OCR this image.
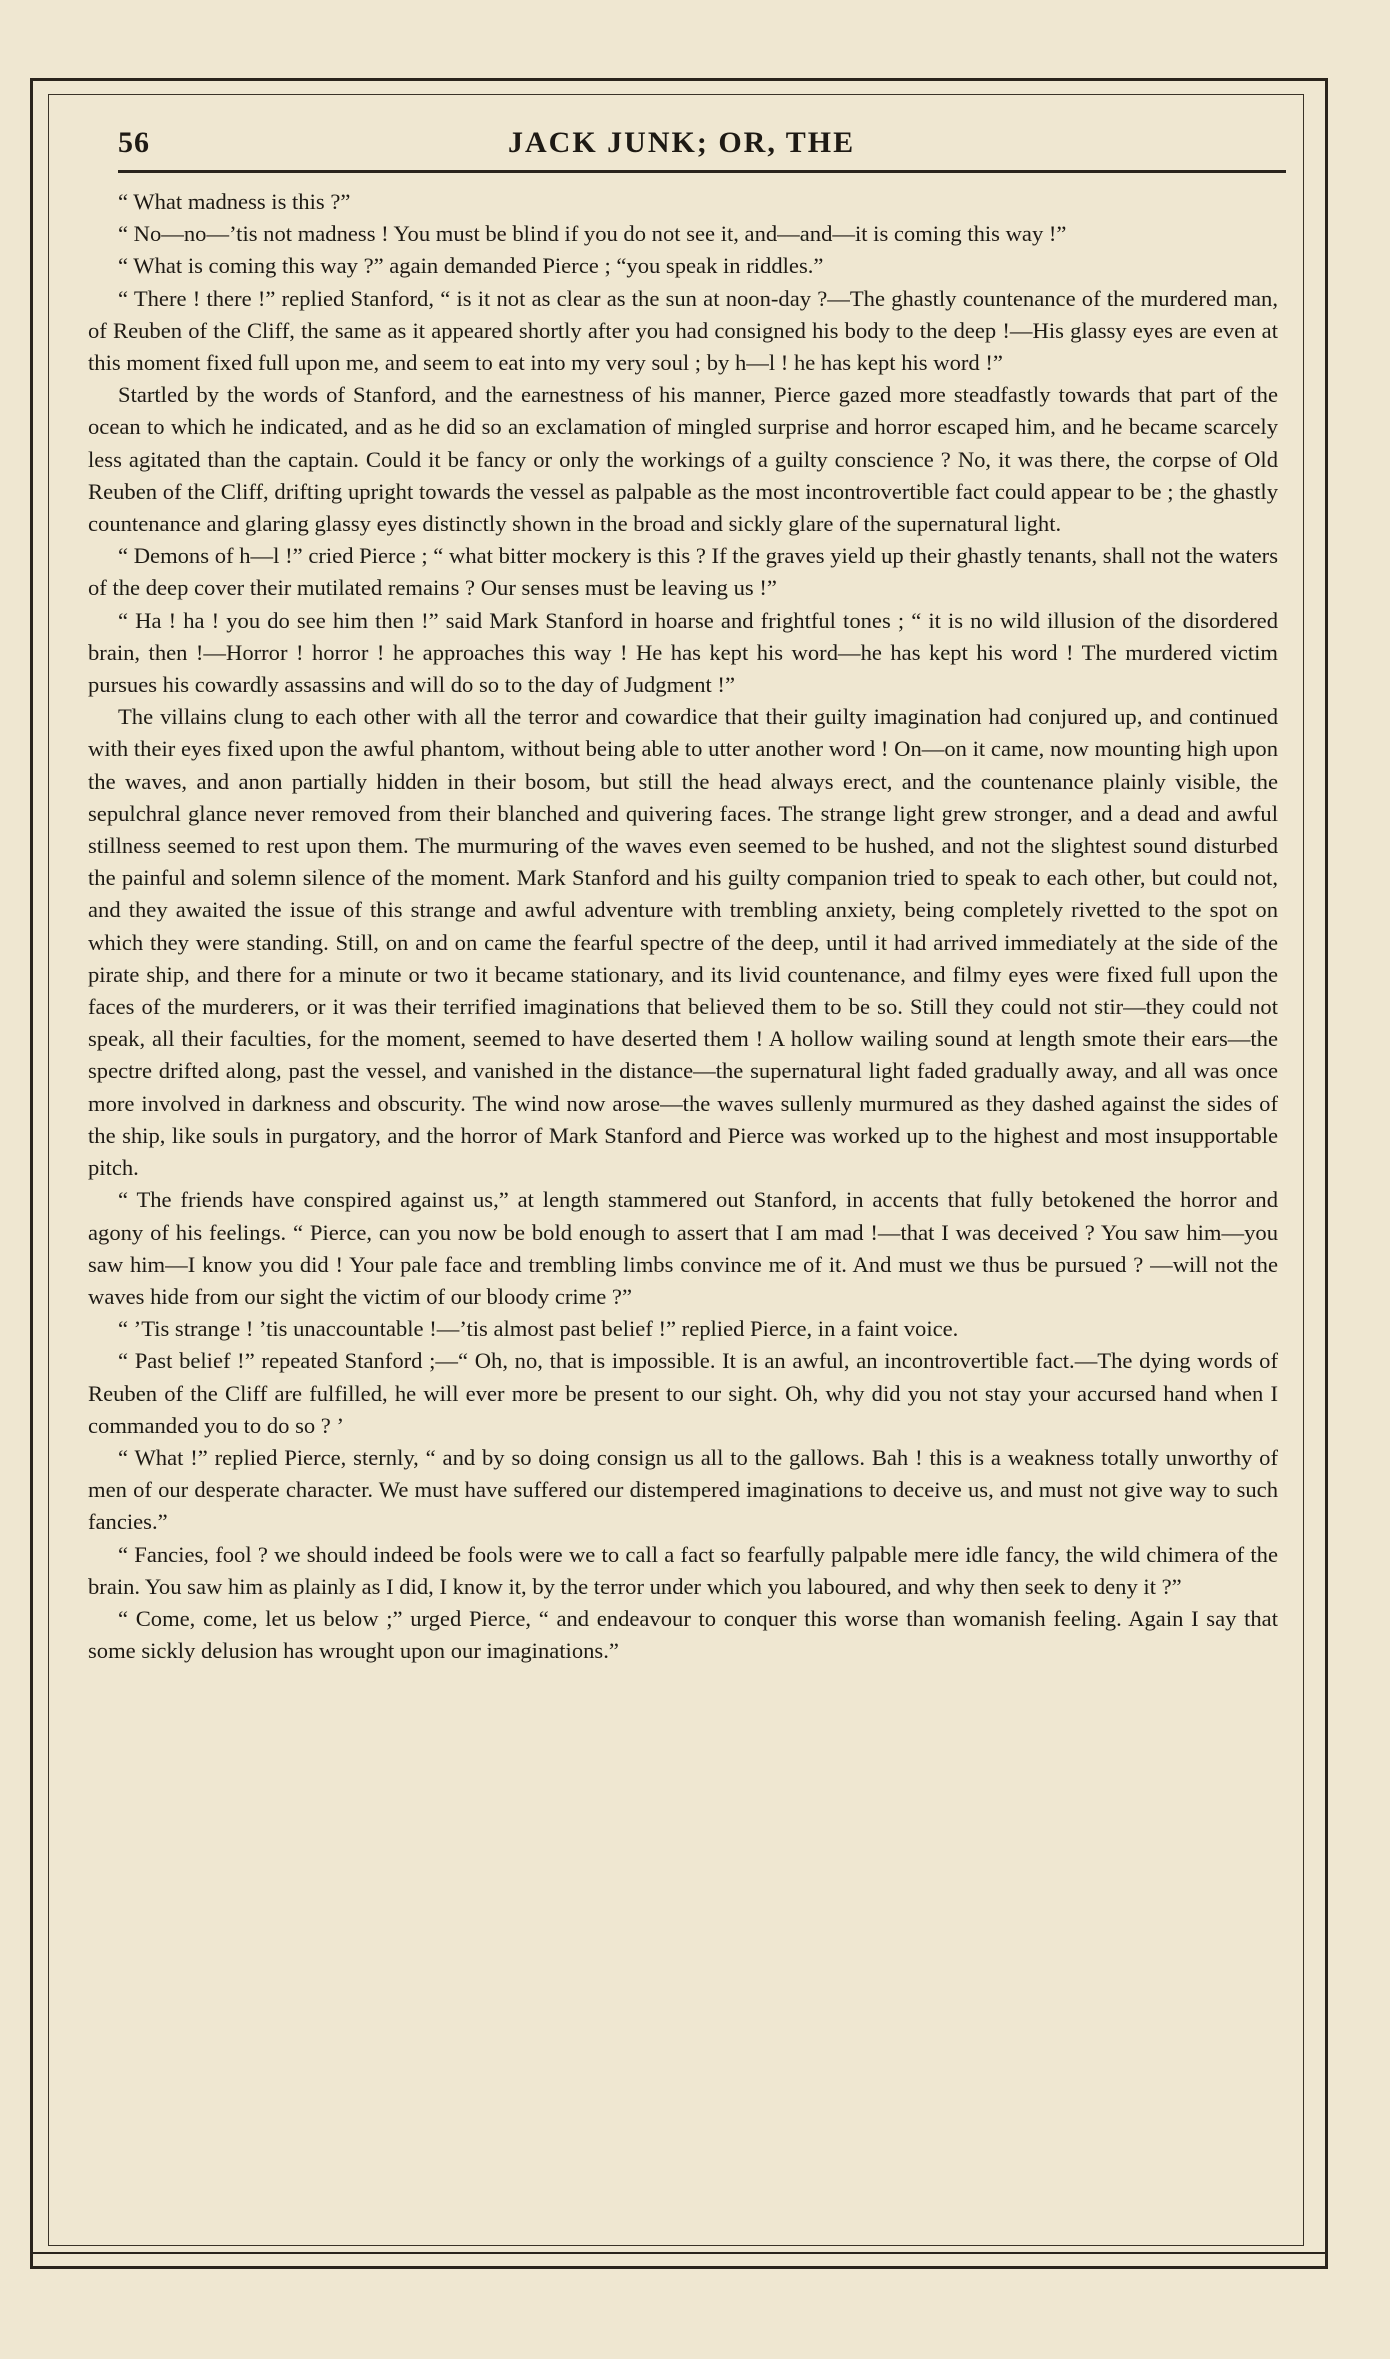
56	JACK JUNK; OR, THE

“ What madness is this ?”

“ No—no—’tis not madness ! You must be blind if you do not see it, and—and—it is coming this way !”

“ What is coming this way ?” again demanded Pierce ; “you speak in riddles.”

“ There ! there !” replied Stanford, “ is it not as clear as the sun at noon-day ?—The ghastly countenance of the murdered man, of Reuben of the Cliff, the same as it appeared shortly after you had consigned his body to the deep !—His glassy eyes are even at this moment fixed full upon me, and seem to eat into my very soul ; by h—l ! he has kept his word !”

Startled by the words of Stanford, and the earnestness of his manner, Pierce gazed more steadfastly towards that part of the ocean to which he indicated, and as he did so an exclamation of mingled surprise and horror escaped him, and he became scarcely less agitated than the captain. Could it be fancy or only the workings of a guilty conscience ? No, it was there, the corpse of Old Reuben of the Cliff, drifting upright towards the vessel as palpable as the most incontrovertible fact could appear to be ; the ghastly countenance and glaring glassy eyes distinctly shown in the broad and sickly glare of the supernatural light.

“ Demons of h—l !” cried Pierce ; “ what bitter mockery is this ? If the graves yield up their ghastly tenants, shall not the waters of the deep cover their mutilated remains ? Our senses must be leaving us !”

“ Ha ! ha ! you do see him then !” said Mark Stanford in hoarse and frightful tones ; “ it is no wild illusion of the disordered brain, then !—Horror ! horror ! he approaches this way ! He has kept his word—he has kept his word ! The murdered victim pursues his cowardly assassins and will do so to the day of Judgment !”

The villains clung to each other with all the terror and cowardice that their guilty imagination had conjured up, and continued with their eyes fixed upon the awful phantom, without being able to utter another word ! On—on it came, now mounting high upon the waves, and anon partially hidden in their bosom, but still the head always erect, and the countenance plainly visible, the sepulchral glance never removed from their blanched and quivering faces. The strange light grew stronger, and a dead and awful stillness seemed to rest upon them. The murmuring of the waves even seemed to be hushed, and not the slightest sound disturbed the painful and solemn silence of the moment. Mark Stanford and his guilty companion tried to speak to each other, but could not, and they awaited the issue of this strange and awful adventure with trembling anxiety, being completely rivetted to the spot on which they were standing. Still, on and on came the fearful spectre of the deep, until it had arrived immediately at the side of the pirate ship, and there for a minute or two it became stationary, and its livid countenance, and filmy eyes were fixed full upon the faces of the murderers, or it was their terrified imaginations that believed them to be so. Still they could not stir—they could not speak, all their faculties, for the moment, seemed to have deserted them ! A hollow wailing sound at length smote their ears—the spectre drifted along, past the vessel, and vanished in the distance—the supernatural light faded gradually away, and all was once more involved in darkness and obscurity. The wind now arose—the waves sullenly murmured as they dashed against the sides of the ship, like souls in purgatory, and the horror of Mark Stanford and Pierce was worked up to the highest and most insupportable pitch.

“ The friends have conspired against us,” at length stammered out Stanford, in accents that fully betokened the horror and agony of his feelings. “ Pierce, can you now be bold enough to assert that I am mad !—that I was deceived ? You saw him—you saw him—I know you did ! Your pale face and trembling limbs convince me of it. And must we thus be pursued ? —will not the waves hide from our sight the victim of our bloody crime ?”

“ ’Tis strange ! ’tis unaccountable !—’tis almost past belief !” replied Pierce, in a faint voice.

“ Past belief !” repeated Stanford ;—“ Oh, no, that is impossible. It is an awful, an incontrovertible fact.—The dying words of Reuben of the Cliff are fulfilled, he will ever more be present to our sight. Oh, why did you not stay your accursed hand when I commanded you to do so ? ’

“ What !” replied Pierce, sternly, “ and by so doing consign us all to the gallows. Bah ! this is a weakness totally unworthy of men of our desperate character. We must have suffered our distempered imaginations to deceive us, and must not give way to such fancies.”

“ Fancies, fool ? we should indeed be fools were we to call a fact so fearfully palpable mere idle fancy, the wild chimera of the brain. You saw him as plainly as I did, I know it, by the terror under which you laboured, and why then seek to deny it ?”

“ Come, come, let us below ;” urged Pierce, “ and endeavour to conquer this worse than womanish feeling. Again I say that some sickly delusion has wrought upon our imaginations.”
